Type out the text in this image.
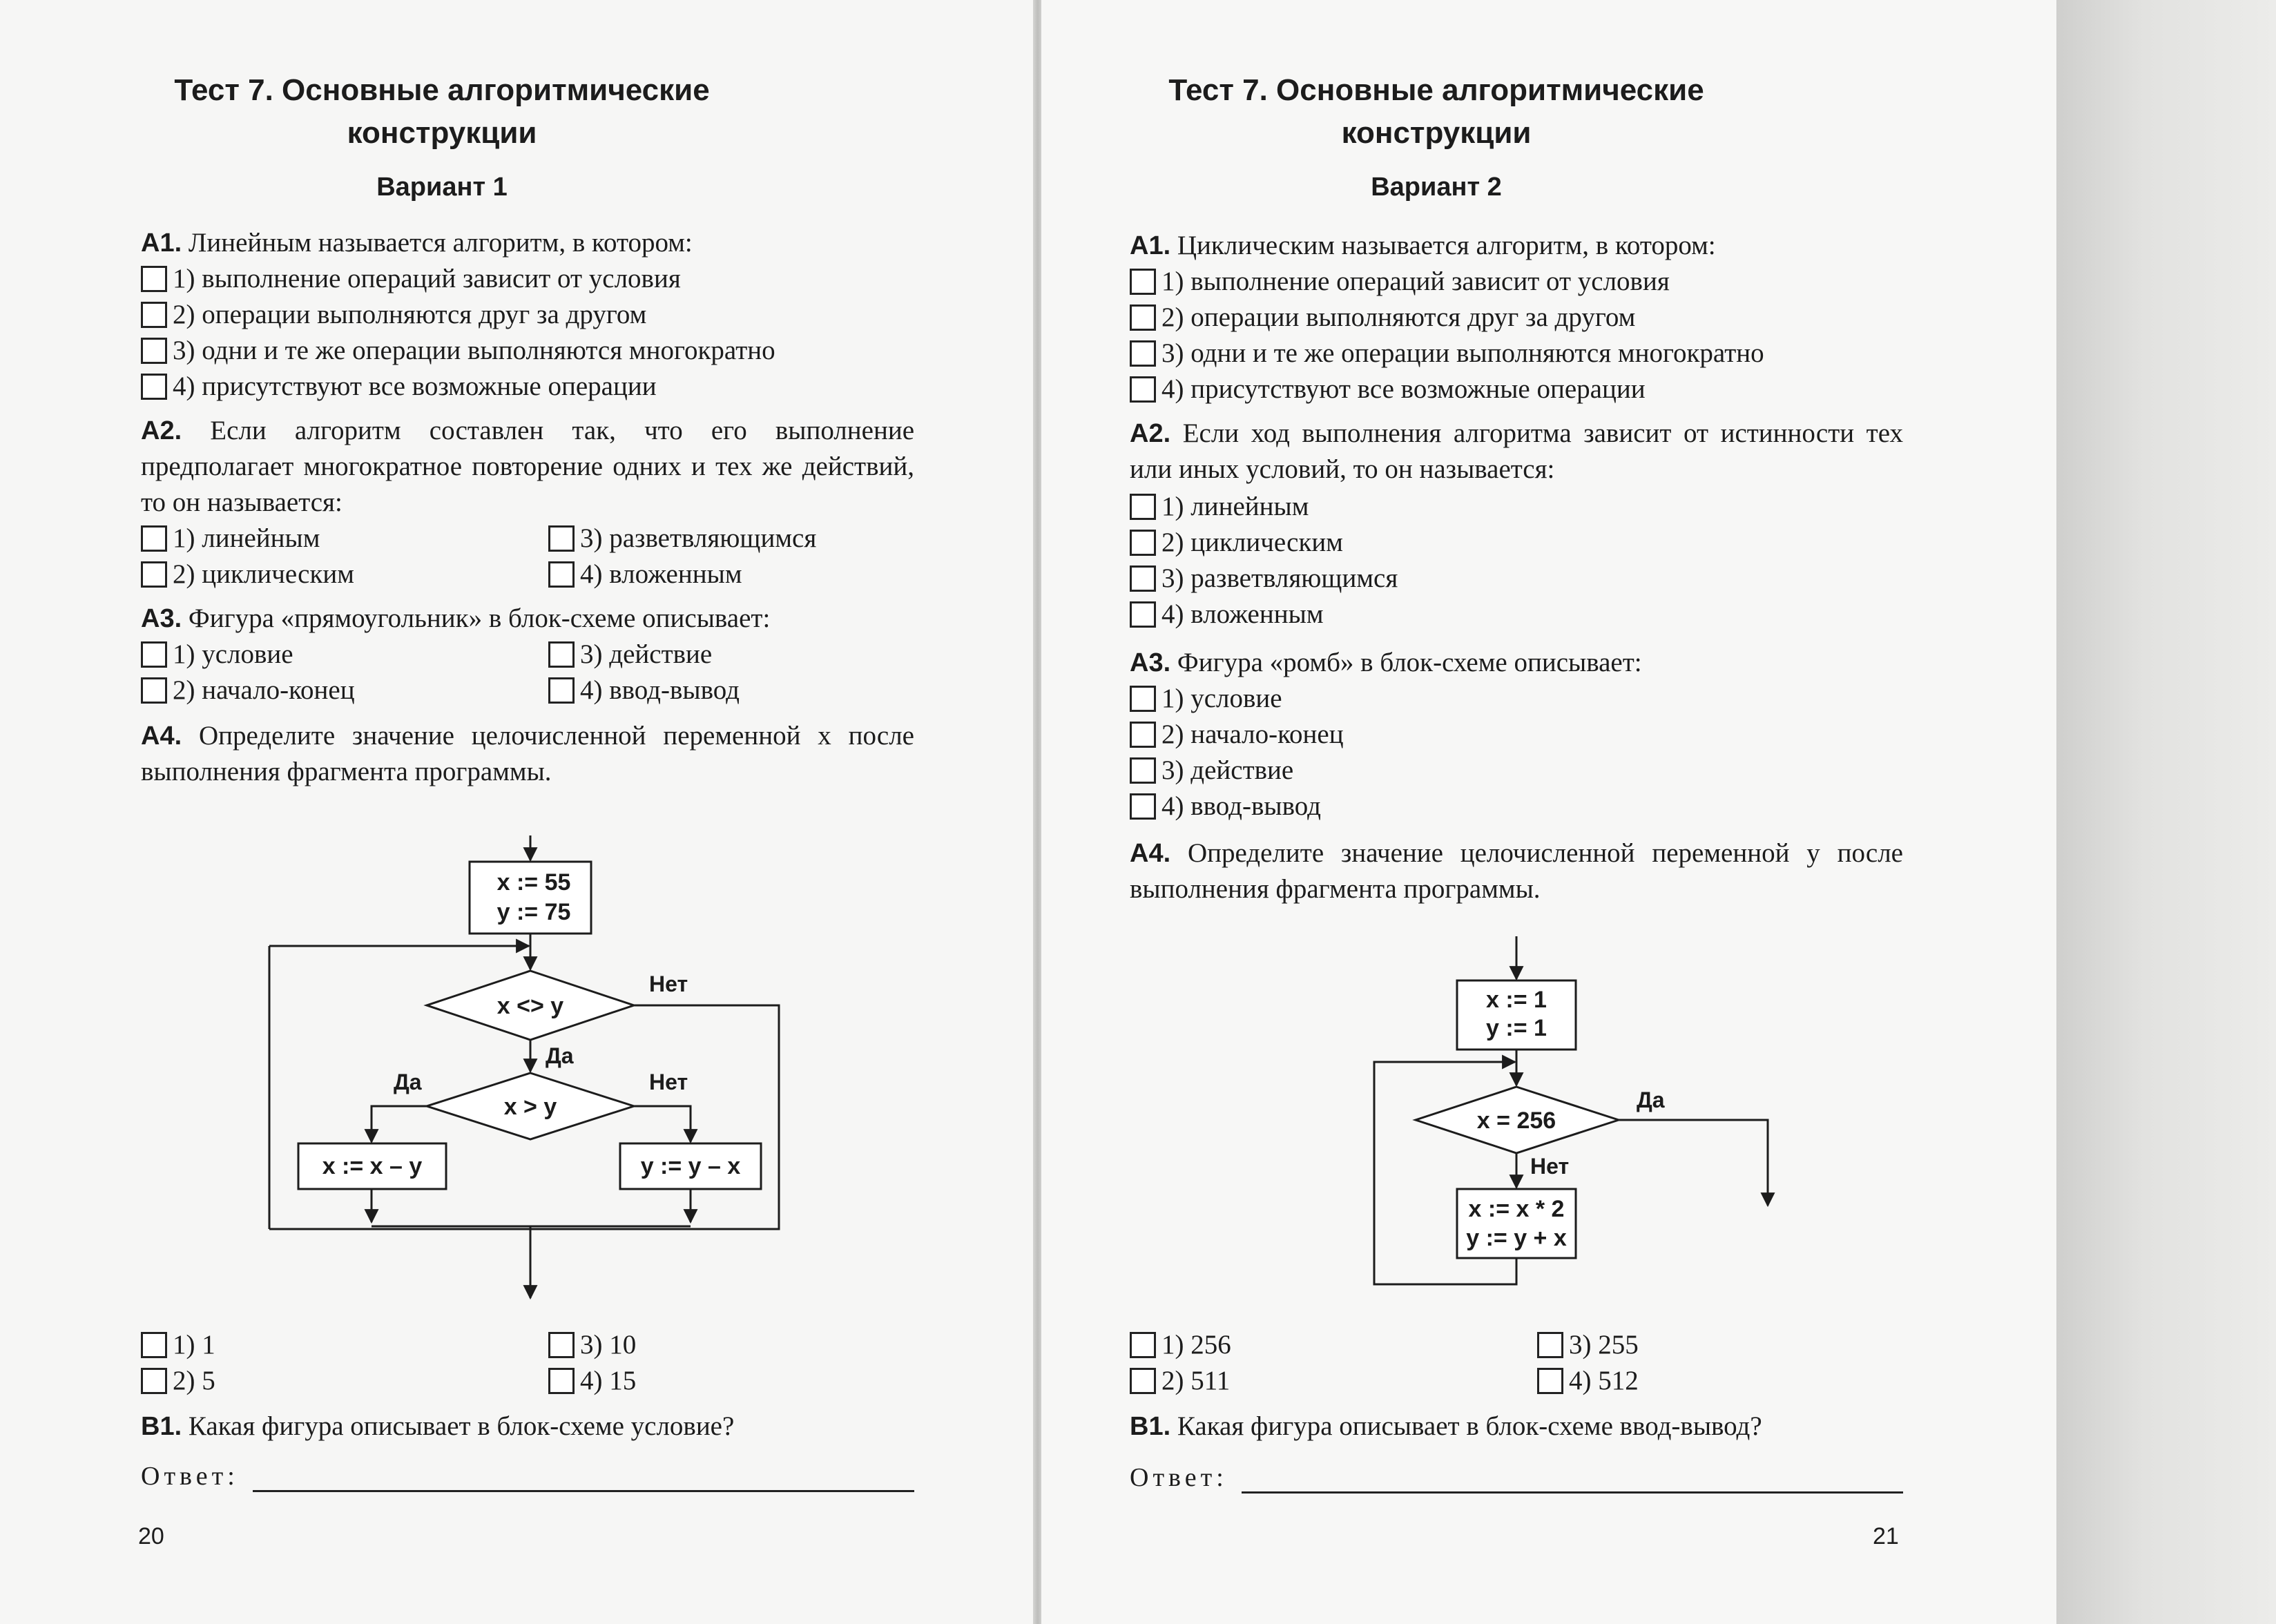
Тест 7. Основные алгоритмические
конструкции
Вариант 1
А1. Линейным называется алгоритм, в котором:
1) выполнение операций зависит от условия
2) операции выполняются друг за другом
3) одни и те же операции выполняются многократно
4) присутствуют все возможные операции
А2. Если алгоритм составлен так, что его выполнение предполагает многократное повторение одних и тех же действий, то он называется:
1) линейным
2) циклическим
3) разветвляющимся
4) вложенным
А3. Фигура «прямоугольник» в блок-схеме описывает:
1) условие
2) начало-конец
3) действие
4) ввод-вывод
А4. Определите значение целочисленной переменной x после выполнения фрагмента программы.
x := 55
y := 75
x <> y
Нет
Да
x > y
Да	Нет
x := x – y	y := y – x
1) 1
2) 5
3) 10
4) 15
В1. Какая фигура описывает в блок-схеме условие?
Ответ:
20
Тест 7. Основные алгоритмические
конструкции
Вариант 2
А1. Циклическим называется алгоритм, в котором:
1) выполнение операций зависит от условия
2) операции выполняются друг за другом
3) одни и те же операции выполняются многократно
4) присутствуют все возможные операции
А2. Если ход выполнения алгоритма зависит от истинности тех или иных условий, то он называется:
1) линейным
2) циклическим
3) разветвляющимся
4) вложенным
А3. Фигура «ромб» в блок-схеме описывает:
1) условие
2) начало-конец
3) действие
4) ввод-вывод
А4. Определите значение целочисленной переменной y после выполнения фрагмента программы.
x := 1
y := 1
x = 256
Да
Нет
x := x * 2
y := y + x
1) 256
2) 511
3) 255
4) 512
В1. Какая фигура описывает в блок-схеме ввод-вывод?
Ответ:
21
